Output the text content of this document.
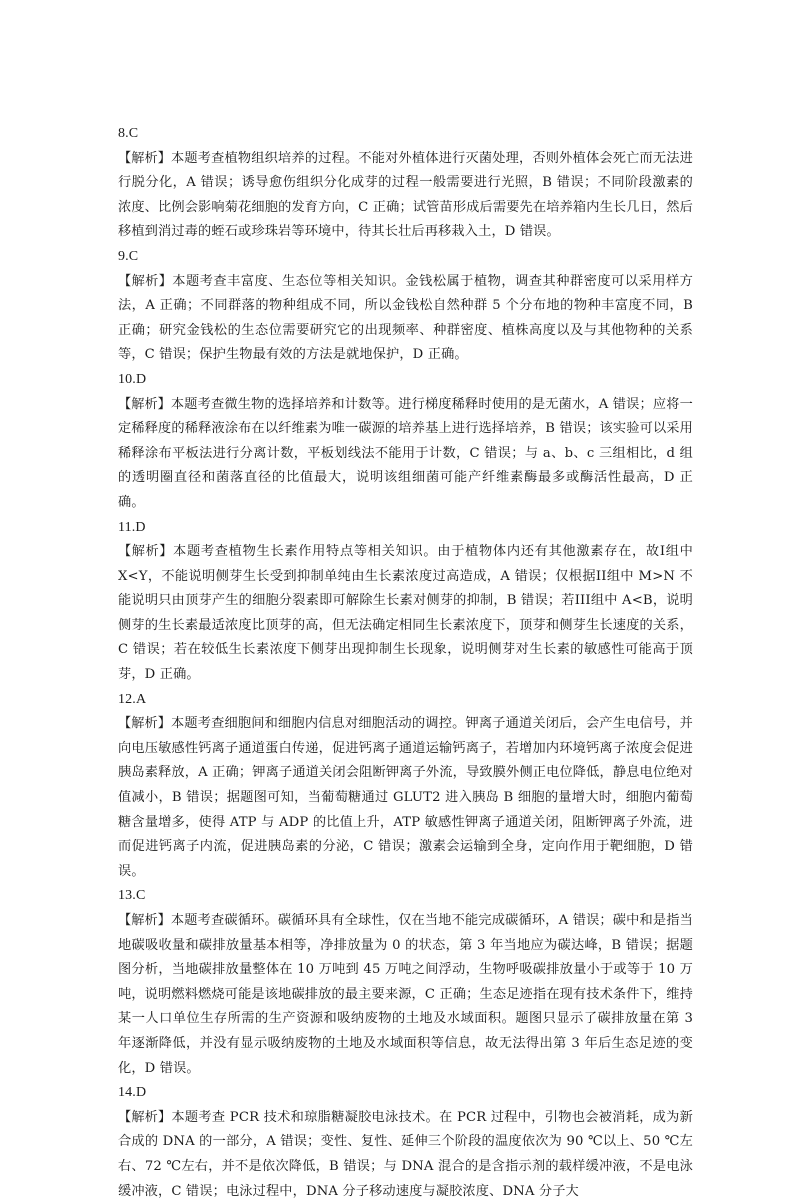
8.C

【解析】本题考查植物组织培养的过程。不能对外植体进行灭菌处理，否则外植体会死亡而无法进行脱分化，A 错误；诱导愈伤组织分化成芽的过程一般需要进行光照，B 错误；不同阶段激素的浓度、比例会影响菊花细胞的发育方向，C 正确；试管苗形成后需要先在培养箱内生长几日，然后移植到消过毒的蛭石或珍珠岩等环境中，待其长壮后再移栽入土，D 错误。

9.C

【解析】本题考查丰富度、生态位等相关知识。金钱松属于植物，调查其种群密度可以采用样方法，A 正确；不同群落的物种组成不同，所以金钱松自然种群 5 个分布地的物种丰富度不同，B 正确；研究金钱松的生态位需要研究它的出现频率、种群密度、植株高度以及与其他物种的关系等，C 错误；保护生物最有效的方法是就地保护，D 正确。

10.D

【解析】本题考查微生物的选择培养和计数等。进行梯度稀释时使用的是无菌水，A 错误；应将一定稀释度的稀释液涂布在以纤维素为唯一碳源的培养基上进行选择培养，B 错误；该实验可以采用稀释涂布平板法进行分离计数，平板划线法不能用于计数，C 错误；与 a、b、c 三组相比，d 组的透明圈直径和菌落直径的比值最大，说明该组细菌可能产纤维素酶最多或酶活性最高，D 正确。

11.D

【解析】本题考查植物生长素作用特点等相关知识。由于植物体内还有其他激素存在，故I组中 X<Y，不能说明侧芽生长受到抑制单纯由生长素浓度过高造成，A 错误；仅根据II组中 M>N 不能说明只由顶芽产生的细胞分裂素即可解除生长素对侧芽的抑制，B 错误；若III组中 A<B，说明侧芽的生长素最适浓度比顶芽的高，但无法确定相同生长素浓度下，顶芽和侧芽生长速度的关系，C 错误；若在较低生长素浓度下侧芽出现抑制生长现象，说明侧芽对生长素的敏感性可能高于顶芽，D 正确。

12.A

【解析】本题考查细胞间和细胞内信息对细胞活动的调控。钾离子通道关闭后，会产生电信号，并向电压敏感性钙离子通道蛋白传递，促进钙离子通道运输钙离子，若增加内环境钙离子浓度会促进胰岛素释放，A 正确；钾离子通道关闭会阻断钾离子外流，导致膜外侧正电位降低，静息电位绝对值减小，B 错误；据题图可知，当葡萄糖通过 GLUT2 进入胰岛 B 细胞的量增大时，细胞内葡萄糖含量增多，使得 ATP 与 ADP 的比值上升，ATP 敏感性钾离子通道关闭，阻断钾离子外流，进而促进钙离子内流，促进胰岛素的分泌，C 错误；激素会运输到全身，定向作用于靶细胞，D 错误。

13.C

【解析】本题考查碳循环。碳循环具有全球性，仅在当地不能完成碳循环，A 错误；碳中和是指当地碳吸收量和碳排放量基本相等，净排放量为 0 的状态，第 3 年当地应为碳达峰，B 错误；据题图分析，当地碳排放量整体在 10 万吨到 45 万吨之间浮动，生物呼吸碳排放量小于或等于 10 万吨，说明燃料燃烧可能是该地碳排放的最主要来源，C 正确；生态足迹指在现有技术条件下，维持某一人口单位生存所需的生产资源和吸纳废物的土地及水域面积。题图只显示了碳排放量在第 3 年逐渐降低，并没有显示吸纳废物的土地及水域面积等信息，故无法得出第 3 年后生态足迹的变化，D 错误。

14.D

【解析】本题考查 PCR 技术和琼脂糖凝胶电泳技术。在 PCR 过程中，引物也会被消耗，成为新合成的 DNA 的一部分，A 错误；变性、复性、延伸三个阶段的温度依次为 90 ℃以上、50 ℃左右、72 ℃左右，并不是依次降低，B 错误；与 DNA 混合的是含指示剂的载样缓冲液，不是电泳缓冲液，C 错误；电泳过程中，DNA 分子移动速度与凝胶浓度、DNA 分子大
